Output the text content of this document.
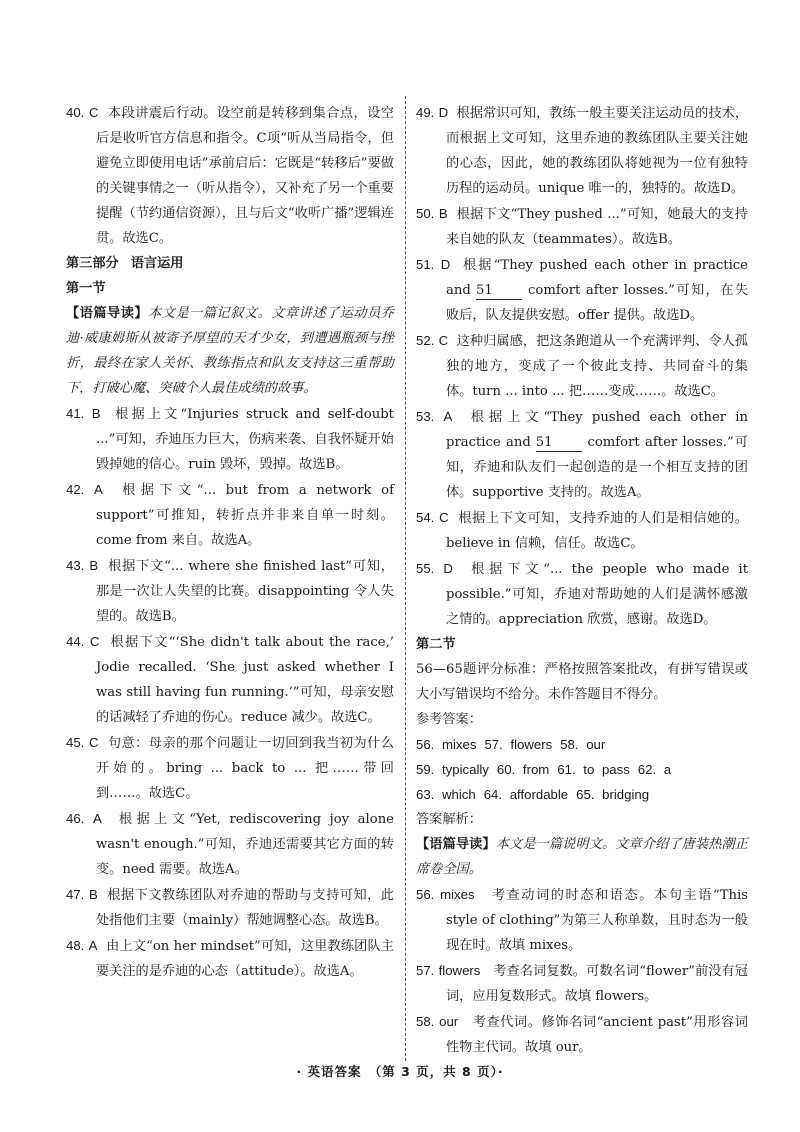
40. C 本段讲震后行动。设空前是转移到集合点，设空后是收听官方信息和指令。C项“听从当局指令，但避免立即使用电话”承前启后：它既是“转移后”要做的关键事情之一（听从指令），又补充了另一个重要提醒（节约通信资源），且与后文“收听广播”逻辑连贯。故选C。

第三部分 语言运用

第一节

【语篇导读】本文是一篇记叙文。文章讲述了运动员乔迪·威康姆斯从被寄予厚望的天才少女，到遭遇瓶颈与挫折，最终在家人关怀、教练指点和队友支持这三重帮助下，打破心魔、突破个人最佳成绩的故事。

41. B 根据上文“Injuries struck and self-doubt ...”可知，乔迪压力巨大，伤病来袭、自我怀疑开始毁掉她的信心。ruin 毁坏，毁掉。故选B。

42. A 根据下文“... but from a network of support”可推知，转折点并非来自单一时刻。come from 来自。故选A。

43. B 根据下文“... where she finished last”可知，那是一次让人失望的比赛。disappointing 令人失望的。故选B。

44. C 根据下文“‘She didn't talk about the race,’ Jodie recalled. ‘She just asked whether I was still having fun running.’”可知，母亲安慰的话减轻了乔迪的伤心。reduce 减少。故选C。

45. C 句意：母亲的那个问题让一切回到我当初为什么开始的。bring ... back to ... 把……带回到……。故选C。

46. A 根据上文“Yet, rediscovering joy alone wasn't enough.”可知，乔迪还需要其它方面的转变。need 需要。故选A。

47. B 根据下文教练团队对乔迪的帮助与支持可知，此处指他们主要（mainly）帮她调整心态。故选B。

48. A 由上文“on her mindset”可知，这里教练团队主要关注的是乔迪的心态（attitude）。故选A。

49. D 根据常识可知，教练一般主要关注运动员的技术，而根据上文可知，这里乔迪的教练团队主要关注她的心态，因此，她的教练团队将她视为一位有独特历程的运动员。unique 唯一的，独特的。故选D。

50. B 根据下文“They pushed ...”可知，她最大的支持来自她的队友（teammates）。故选B。

51. D 根据“They pushed each other in practice and 51 comfort after losses.”可知，在失败后，队友提供安慰。offer 提供。故选D。

52. C 这种归属感，把这条跑道从一个充满评判、令人孤独的地方，变成了一个彼此支持、共同奋斗的集体。turn ... into ... 把……变成……。故选C。

53. A 根据上文“They pushed each other in practice and 51 comfort after losses.”可知，乔迪和队友们一起创造的是一个相互支持的团体。supportive 支持的。故选A。

54. C 根据上下文可知，支持乔迪的人们是相信她的。believe in 信赖，信任。故选C。

55. D 根据下文“... the people who made it possible.”可知，乔迪对帮助她的人们是满怀感激之情的。appreciation 欣赏，感谢。故选D。

第二节

56—65题评分标准：严格按照答案批改，有拼写错误或大小写错误均不给分。未作答题目不得分。

参考答案：

56. mixes 57. flowers 58. our

59. typically 60. from 61. to pass 62. a

63. which 64. affordable 65. bridging

答案解析：

【语篇导读】本文是一篇说明文。文章介绍了唐装热潮正席卷全国。

56. mixes 考查动词的时态和语态。本句主语“This style of clothing”为第三人称单数，且时态为一般现在时。故填 mixes。

57. flowers 考查名词复数。可数名词“flower”前没有冠词，应用复数形式。故填 flowers。

58. our 考查代词。修饰名词“ancient past”用形容词性物主代词。故填 our。

· 英语答案　（第 3 页，共 8 页）·
